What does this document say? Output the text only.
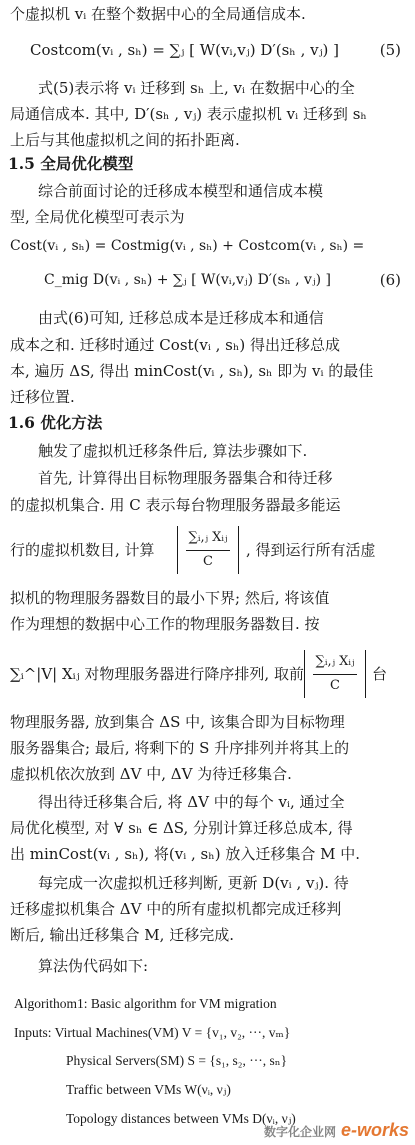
个虚拟机 vᵢ 在整个数据中心的全局通信成本.
Costcom(vᵢ , sₕ) = ∑ⱼ [ W(vᵢ,vⱼ) D′(sₕ , vⱼ) ]	(5)
式(5)表示将 vᵢ 迁移到 sₕ 上, vᵢ 在数据中心的全
局通信成本. 其中, D′(sₕ , vⱼ) 表示虚拟机 vᵢ 迁移到 sₕ
上后与其他虚拟机之间的拓扑距离.
1.5 全局优化模型
综合前面讨论的迁移成本模型和通信成本模
型, 全局优化模型可表示为
Cost(vᵢ , sₕ) = Costmig(vᵢ , sₕ) + Costcom(vᵢ , sₕ) =
C_mig D(vᵢ , sₕ) + ∑ⱼ [ W(vᵢ,vⱼ) D′(sₕ , vⱼ) ]	(6)
由式(6)可知, 迁移总成本是迁移成本和通信
成本之和. 迁移时通过 Cost(vᵢ , sₕ) 得出迁移总成
本, 遍历 ΔS, 得出 minCost(vᵢ , sₕ), sₕ 即为 vᵢ 的最佳
迁移位置.
1.6 优化方法
触发了虚拟机迁移条件后, 算法步骤如下.
首先, 计算得出目标物理服务器集合和待迁移
的虚拟机集合. 用 C 表示每台物理服务器最多能运
行的虚拟机数目, 计算
∑ᵢ,ⱼ Xᵢⱼ
C
, 得到运行所有活虚
拟机的物理服务器数目的最小下界; 然后, 将该值
作为理想的数据中心工作的物理服务器数目. 按
∑ᵢ^|V| Xᵢⱼ 对物理服务器进行降序排列, 取前
∑ᵢ,ⱼ Xᵢⱼ
C
台
物理服务器, 放到集合 ΔS 中, 该集合即为目标物理
服务器集合; 最后, 将剩下的 S 升序排列并将其上的
虚拟机依次放到 ΔV 中, ΔV 为待迁移集合.
得出待迁移集合后, 将 ΔV 中的每个 vᵢ, 通过全
局优化模型, 对 ∀ sₕ ∈ ΔS, 分别计算迁移总成本, 得
出 minCost(vᵢ , sₕ), 将(vᵢ , sₕ) 放入迁移集合 M 中.
每完成一次虚拟机迁移判断, 更新 D(vᵢ , vⱼ). 待
迁移虚拟机集合 ΔV 中的所有虚拟机都完成迁移判
断后, 输出迁移集合 M, 迁移完成.
算法伪代码如下:
Algorithom1: Basic algorithm for VM migration
Inputs: Virtual Machines(VM) V = {v₁, v₂, ···, vₘ}
Physical Servers(SM) S = {s₁, s₂, ···, sₙ}
Traffic between VMs W(νᵢ, νⱼ)
Topology distances between VMs D(νᵢ, νⱼ)
数字化企业网 e-works
